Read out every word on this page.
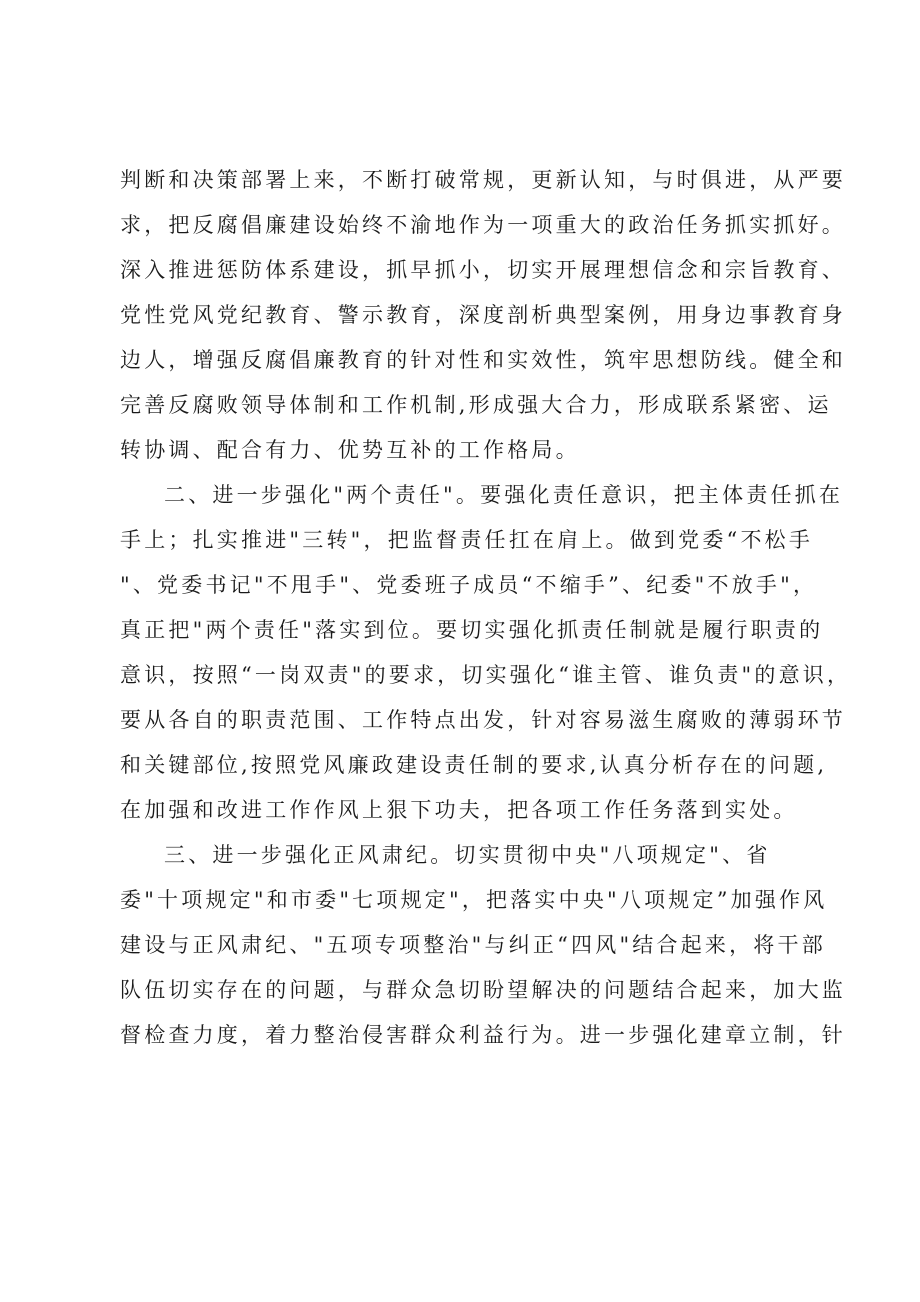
判断和决策部署上来，不断打破常规，更新认知，与时俱进，从严要
求，把反腐倡廉建设始终不渝地作为一项重大的政治任务抓实抓好。
深入推进惩防体系建设，抓早抓小，切实开展理想信念和宗旨教育、
党性党风党纪教育、警示教育，深度剖析典型案例，用身边事教育身
边人，增强反腐倡廉教育的针对性和实效性，筑牢思想防线。健全和
完善反腐败领导体制和工作机制,形成强大合力，形成联系紧密、运
转协调、配合有力、优势互补的工作格局。
二、进一步强化"两个责任"。要强化责任意识，把主体责任抓在
手上；扎实推进"三转"，把监督责任扛在肩上。做到党委“不松手
"、党委书记"不甩手"、党委班子成员“不缩手”、纪委"不放手"，
真正把"两个责任"落实到位。要切实强化抓责任制就是履行职责的
意识，按照“一岗双责"的要求，切实强化“谁主管、谁负责"的意识，
要从各自的职责范围、工作特点出发，针对容易滋生腐败的薄弱环节
和关键部位,按照党风廉政建设责任制的要求,认真分析存在的问题,
在加强和改进工作作风上狠下功夫，把各项工作任务落到实处。
三、进一步强化正风肃纪。切实贯彻中央"八项规定"、省
委"十项规定"和市委"七项规定"，把落实中央"八项规定”加强作风
建设与正风肃纪、"五项专项整治"与纠正“四风"结合起来，将干部
队伍切实存在的问题，与群众急切盼望解决的问题结合起来，加大监
督检查力度，着力整治侵害群众利益行为。进一步强化建章立制，针
